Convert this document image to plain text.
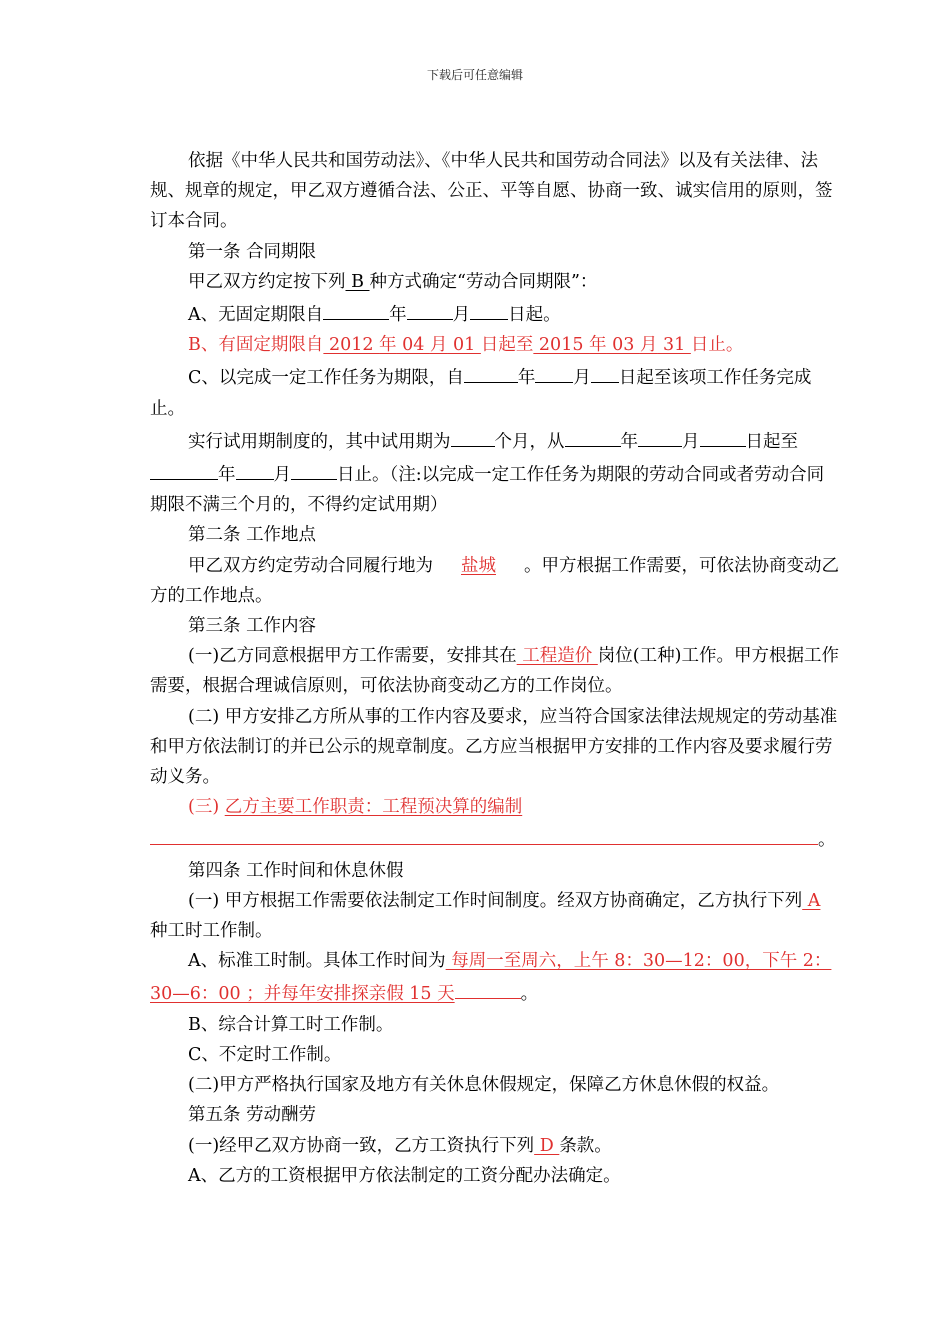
下载后可任意编辑

依据《中华人民共和国劳动法》、《中华人民共和国劳动合同法》以及有关法律、法规、规章的规定，甲乙双方遵循合法、公正、平等自愿、协商一致、诚实信用的原则，签订本合同。

第一条 合同期限

甲乙双方约定按下列 B 种方式确定“劳动合同期限”：

A、无固定期限自	年	月 日起。

B、有固定期限自 2012 年 04 月 01 日起至 2015 年 03 月 31 日止。

C、以完成一定工作任务为期限，自	年 月 日起至该项工作任务完成止。

实行试用期制度的，其中试用期为	个月，从	年	月	日起至年 月	日止。（注:以完成一定工作任务为期限的劳动合同或者劳动合同期限不满三个月的，不得约定试用期）

第二条 工作地点

甲乙双方约定劳动合同履行地为 盐城 。甲方根据工作需要，可依法协商变动乙方的工作地点。

第三条 工作内容

(一)乙方同意根据甲方工作需要，安排其在 工程造价 岗位(工种)工作。甲方根据工作需要，根据合理诚信原则，可依法协商变动乙方的工作岗位。

(二) 甲方安排乙方所从事的工作内容及要求，应当符合国家法律法规规定的劳动基准和甲方依法制订的并已公示的规章制度。乙方应当根据甲方安排的工作内容及要求履行劳动义务。

(三) 乙方主要工作职责：工程预决算的编制

。

第四条 工作时间和休息休假

(一) 甲方根据工作需要依法制定工作时间制度。经双方协商确定，乙方执行下列 A 种工时工作制。

A、标准工时制。具体工作时间为 每周一至周六，上午 8：30—12：00，下午 2：30—6：00 ；并每年安排探亲假 15 天	。

B、综合计算工时工作制。

C、不定时工作制。

(二)甲方严格执行国家及地方有关休息休假规定，保障乙方休息休假的权益。

第五条 劳动酬劳

(一)经甲乙双方协商一致，乙方工资执行下列 D 条款。

A、乙方的工资根据甲方依法制定的工资分配办法确定。
